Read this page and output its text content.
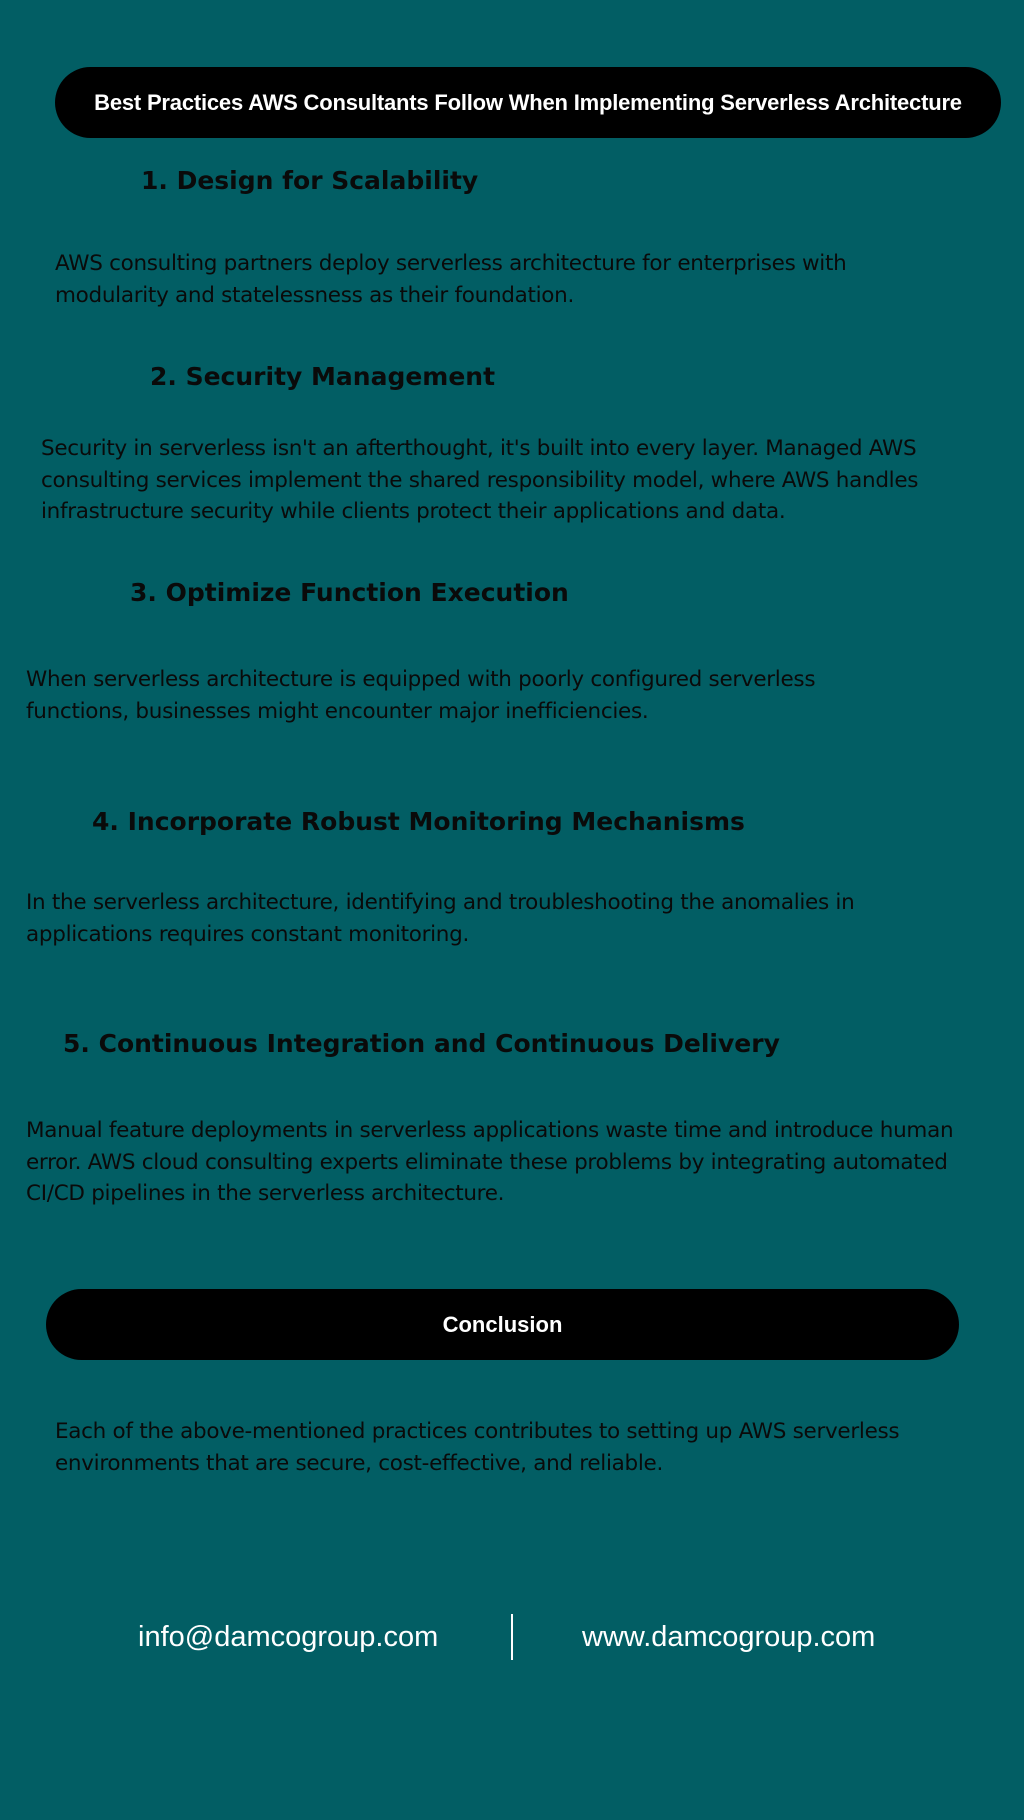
Best Practices AWS Consultants Follow When Implementing Serverless Architecture
1. Design for Scalability
AWS consulting partners deploy serverless architecture for enterprises with modularity and statelessness as their foundation.
2. Security Management
Security in serverless isn't an afterthought, it's built into every layer. Managed AWS consulting services implement the shared responsibility model, where AWS handles infrastructure security while clients protect their applications and data.
3. Optimize Function Execution
When serverless architecture is equipped with poorly configured serverless functions, businesses might encounter major inefficiencies.
4. Incorporate Robust Monitoring Mechanisms
In the serverless architecture, identifying and troubleshooting the anomalies in applications requires constant monitoring.
5. Continuous Integration and Continuous Delivery
Manual feature deployments in serverless applications waste time and introduce human error. AWS cloud consulting experts eliminate these problems by integrating automated CI/CD pipelines in the serverless architecture.
Conclusion
Each of the above-mentioned practices contributes to setting up AWS serverless environments that are secure, cost-effective, and reliable.
info@damcogroup.com	www.damcogroup.com
